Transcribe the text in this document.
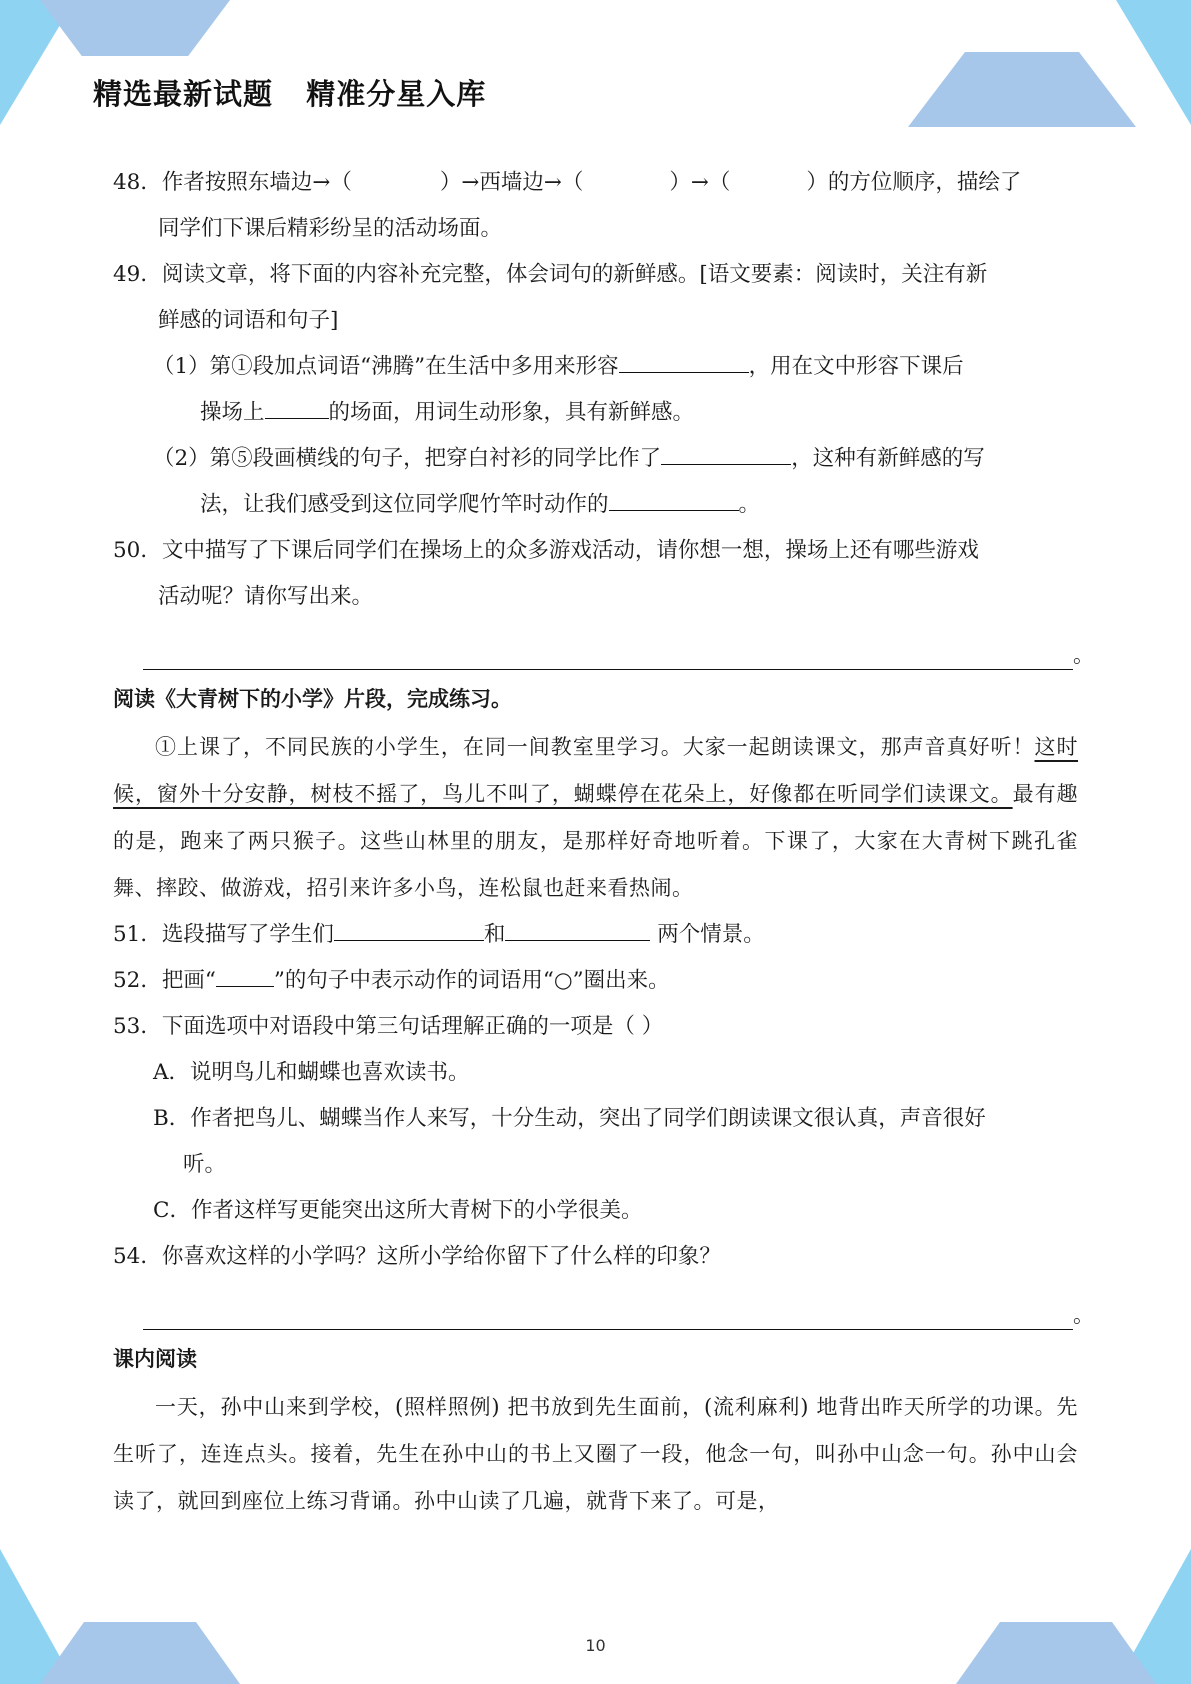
精选最新试题   精准分星入库

48．作者按照东墙边→（	）→西墙边→（	）→（	）的方位顺序，描绘了

同学们下课后精彩纷呈的活动场面。

49．阅读文章，将下面的内容补充完整，体会词句的新鲜感。[语文要素：阅读时，关注有新

鲜感的词语和句子]

（1）第①段加点词语“沸腾”在生活中多用来形容	，用在文中形容下课后

操场上	的场面，用词生动形象，具有新鲜感。

（2）第⑤段画横线的句子，把穿白衬衫的同学比作了	，这种有新鲜感的写

法，让我们感受到这位同学爬竹竿时动作的	。

50．文中描写了下课后同学们在操场上的众多游戏活动，请你想一想，操场上还有哪些游戏

活动呢？请你写出来。

。
阅读《大青树下的小学》片段，完成练习。

①上课了，不同民族的小学生，在同一间教室里学习。大家一起朗读课文，那声音真好听！这时候，窗外十分安静，树枝不摇了，鸟儿不叫了，蝴蝶停在花朵上，好像都在听同学们读课文。最有趣的是，跑来了两只猴子。这些山林里的朋友，是那样好奇地听着。下课了，大家在大青树下跳孔雀舞、摔跤、做游戏，招引来许多小鸟，连松鼠也赶来看热闹。

51．选段描写了学生们	和	两个情景。

52．把画“	”的句子中表示动作的词语用“○”圈出来。

53．下面选项中对语段中第三句话理解正确的一项是（ ）

A．说明鸟儿和蝴蝶也喜欢读书。

B．作者把鸟儿、蝴蝶当作人来写，十分生动，突出了同学们朗读课文很认真，声音很好

听。

C．作者这样写更能突出这所大青树下的小学很美。

54．你喜欢这样的小学吗？这所小学给你留下了什么样的印象？

。
课内阅读

一天，孙中山来到学校，(照样照例) 把书放到先生面前，(流利麻利) 地背出昨天所学的功课。先生听了，连连点头。接着，先生在孙中山的书上又圈了一段，他念一句，叫孙中山念一句。孙中山会读了，就回到座位上练习背诵。孙中山读了几遍，就背下来了。可是，

10
